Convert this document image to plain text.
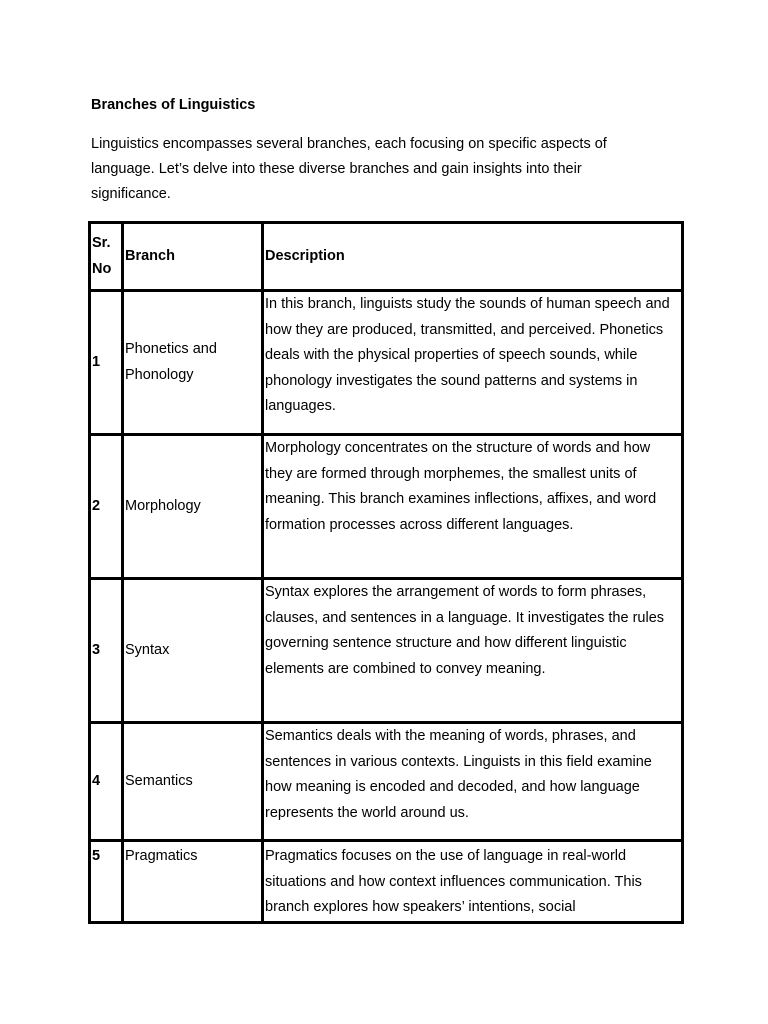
Branches of Linguistics

Linguistics encompasses several branches, each focusing on specific aspects of language. Let’s delve into these diverse branches and gain insights into their significance.

Sr. No	Branch	Description
1	Phonetics and Phonology	In this branch, linguists study the sounds of human speech and how they are produced, transmitted, and perceived. Phonetics deals with the physical properties of speech sounds, while phonology investigates the sound patterns and systems in languages.
2	Morphology	Morphology concentrates on the structure of words and how they are formed through morphemes, the smallest units of meaning. This branch examines inflections, affixes, and word formation processes across different languages.
3	Syntax	Syntax explores the arrangement of words to form phrases, clauses, and sentences in a language. It investigates the rules governing sentence structure and how different linguistic elements are combined to convey meaning.
4	Semantics	Semantics deals with the meaning of words, phrases, and sentences in various contexts. Linguists in this field examine how meaning is encoded and decoded, and how language represents the world around us.
5	Pragmatics	Pragmatics focuses on the use of language in real-world situations and how context influences communication. This branch explores how speakers’ intentions, social
